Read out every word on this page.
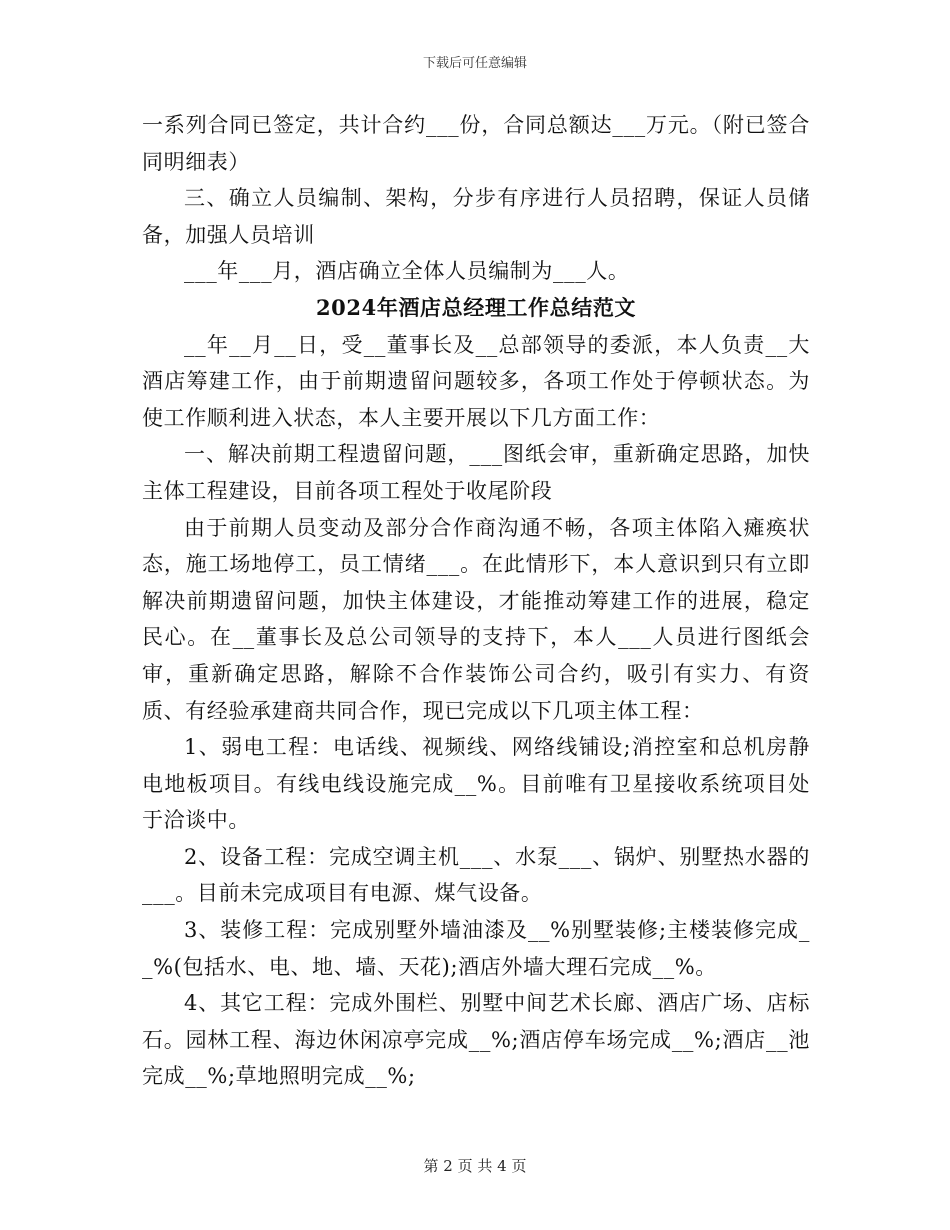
下载后可任意编辑

一系列合同已签定，共计合约___份，合同总额达___万元。（附已签合同明细表）

三、确立人员编制、架构，分步有序进行人员招聘，保证人员储备，加强人员培训

___年___月，酒店确立全体人员编制为___人。

2024年酒店总经理工作总结范文

__年__月__日，受__董事长及__总部领导的委派，本人负责__大酒店筹建工作，由于前期遗留问题较多，各项工作处于停顿状态。为使工作顺利进入状态，本人主要开展以下几方面工作：

一、解决前期工程遗留问题，___图纸会审，重新确定思路，加快主体工程建设，目前各项工程处于收尾阶段

由于前期人员变动及部分合作商沟通不畅，各项主体陷入瘫痪状态，施工场地停工，员工情绪___。在此情形下，本人意识到只有立即解决前期遗留问题，加快主体建设，才能推动筹建工作的进展，稳定民心。在__董事长及总公司领导的支持下，本人___人员进行图纸会审，重新确定思路，解除不合作装饰公司合约，吸引有实力、有资质、有经验承建商共同合作，现已完成以下几项主体工程：

1、弱电工程：电话线、视频线、网络线铺设;消控室和总机房静电地板项目。有线电线设施完成__%。目前唯有卫星接收系统项目处于洽谈中。

2、设备工程：完成空调主机___、水泵___、锅炉、别墅热水器的___。目前未完成项目有电源、煤气设备。

3、装修工程：完成别墅外墙油漆及__%别墅装修;主楼装修完成__%(包括水、电、地、墙、天花);酒店外墙大理石完成__%。

4、其它工程：完成外围栏、别墅中间艺术长廊、酒店广场、店标石。园林工程、海边休闲凉亭完成__%;酒店停车场完成__%;酒店__池完成__%;草地照明完成__%;

第 2 页 共 4 页
